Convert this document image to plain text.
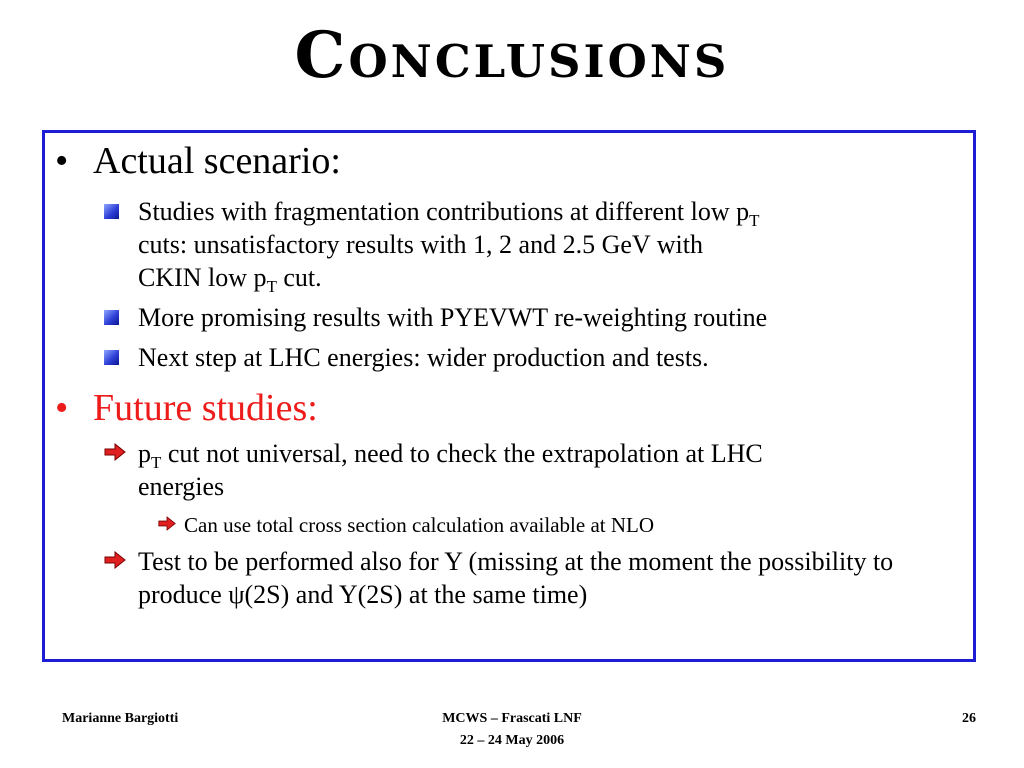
Conclusions
• Actual scenario:
Studies with fragmentation contributions at different low $p_T$
cuts: unsatisfactory results with 1, 2 and 2.5 GeV with
CKIN low $p_T$ cut.
More promising results with PYEVWT re-weighting routine
Next step at LHC energies: wider production and tests.
• Future studies:
$p_T$ cut not universal, need to check the extrapolation at LHC
energies
Can use total cross section calculation available at NLO
Test to be performed also for Y (missing at the moment the possibility to produce ψ(2S) and Y(2S) at the same time)
Marianne Bargiotti	MCWS – Frascati LNF
22 – 24 May 2006
26
